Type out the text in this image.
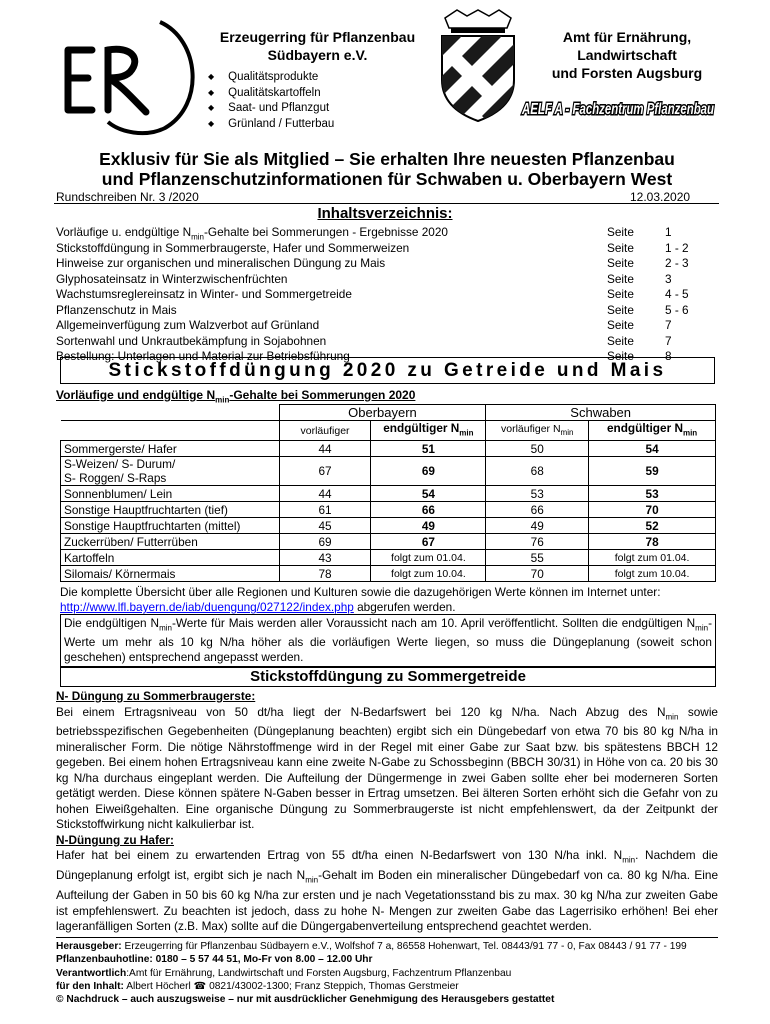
ER
Erzeugerring für Pflanzenbau
Südbayern e.V.
◆ Qualitätsprodukte
◆ Qualitätskartoffeln
◆ Saat- und Pflanzgut
◆ Grünland / Futterbau
Amt für Ernährung,
Landwirtschaft
und Forsten Augsburg
AELF A - Fachzentrum Pflanzenbau
Exklusiv für Sie als Mitglied – Sie erhalten Ihre neuesten Pflanzenbau
und Pflanzenschutzinformationen für Schwaben u. Oberbayern West
Rundschreiben Nr. 3 /2020	12.03.2020
Inhaltsverzeichnis:
Vorläufige u. endgültige $N_{min}$-Gehalte bei Sommerungen - Ergebnisse 2020	Seite	1
Stickstoffdüngung in Sommerbraugerste, Hafer und Sommerweizen	Seite	1 - 2
Hinweise zur organischen und mineralischen Düngung zu Mais	Seite	2 - 3
Glyphosateinsatz in Winterzwischenfrüchten	Seite	3
Wachstumsreglereinsatz in Winter- und Sommergetreide	Seite	4 - 5
Pflanzenschutz in Mais	Seite	5 - 6
Allgemeinverfügung zum Walzverbot auf Grünland	Seite	7
Sortenwahl und Unkrautbekämpfung in Sojabohnen	Seite	7
Bestellung: Unterlagen und Material zur Betriebsführung	Seite	8
Stickstoffdüngung 2020 zu Getreide und Mais
Vorläufige und endgültige $N_{min}$-Gehalte bei Sommerungen 2020
	Oberbayern		Schwaben	
	vorläufiger	endgültiger $N_{min}$	vorläufiger $N_{min}$	endgültiger $N_{min}$
Sommergerste/ Hafer	44	51	50	54
S-Weizen/ S- Durum/
S- Roggen/ S-Raps	67	69	68	59
Sonnenblumen/ Lein	44	54	53	53
Sonstige Hauptfruchtarten (tief)	61	66	66	70
Sonstige Hauptfruchtarten (mittel)	45	49	49	52
Zuckerrüben/ Futterrüben	69	67	76	78
Kartoffeln	43	folgt zum 01.04.	55	folgt zum 01.04.
Silomais/ Körnermais	78	folgt zum 10.04.	70	folgt zum 10.04.
Die komplette Übersicht über alle Regionen und Kulturen sowie die dazugehörigen Werte können im Internet unter: http://www.lfl.bayern.de/iab/duengung/027122/index.php abgerufen werden.
Die endgültigen $N_{min}$-Werte für Mais werden aller Voraussicht nach am 10. April veröffentlicht. Sollten die endgültigen $N_{min}$-Werte um mehr als 10 kg N/ha höher als die vorläufigen Werte liegen, so muss die Düngeplanung (soweit schon geschehen) entsprechend angepasst werden.
Stickstoffdüngung zu Sommergetreide

N- Düngung zu Sommerbraugerste:

Bei einem Ertragsniveau von 50 dt/ha liegt der N-Bedarfswert bei 120 kg N/ha. Nach Abzug des $N_{min}$ sowie betriebsspezifischen Gegebenheiten (Düngeplanung beachten) ergibt sich ein Düngebedarf von etwa 70 bis 80 kg N/ha in mineralischer Form. Die nötige Nährstoffmenge wird in der Regel mit einer Gabe zur Saat bzw. bis spätestens BBCH 12 gegeben. Bei einem hohen Ertragsniveau kann eine zweite N-Gabe zu Schossbeginn (BBCH 30/31) in Höhe von ca. 20 bis 30 kg N/ha durchaus eingeplant werden. Die Aufteilung der Düngermenge in zwei Gaben sollte eher bei moderneren Sorten getätigt werden. Diese können spätere N-Gaben besser in Ertrag umsetzen. Bei älteren Sorten erhöht sich die Gefahr von zu hohen Eiweißgehalten. Eine organische Düngung zu Sommerbraugerste ist nicht empfehlenswert, da der Zeitpunkt der Stickstoffwirkung nicht kalkulierbar ist.

N-Düngung zu Hafer:

Hafer hat bei einem zu erwartenden Ertrag von 55 dt/ha einen N-Bedarfswert von 130 N/ha inkl. $N_{min}$. Nachdem die Düngeplanung erfolgt ist, ergibt sich je nach $N_{min}$-Gehalt im Boden ein mineralischer Düngebedarf von ca. 80 kg N/ha. Eine Aufteilung der Gaben in 50 bis 60 kg N/ha zur ersten und je nach Vegetationsstand bis zu max. 30 kg N/ha zur zweiten Gabe ist empfehlenswert. Zu beachten ist jedoch, dass zu hohe N- Mengen zur zweiten Gabe das Lagerrisiko erhöhen! Bei eher lageranfälligen Sorten (z.B. Max) sollte auf die Düngergabenverteilung entsprechend geachtet werden.

Herausgeber: Erzeugerring für Pflanzenbau Südbayern e.V., Wolfshof 7 a, 86558 Hohenwart, Tel. 08443/91 77 - 0, Fax 08443 / 91 77 - 199
Pflanzenbauhotline: 0180 – 5 57 44 51, Mo-Fr von 8.00 – 12.00 Uhr
Verantwortlich:Amt für Ernährung, Landwirtschaft und Forsten Augsburg, Fachzentrum Pflanzenbau
für den Inhalt: Albert Höcherl ☎ 0821/43002-1300; Franz Steppich, Thomas Gerstmeier
© Nachdruck – auch auszugsweise – nur mit ausdrücklicher Genehmigung des Herausgebers gestattet
